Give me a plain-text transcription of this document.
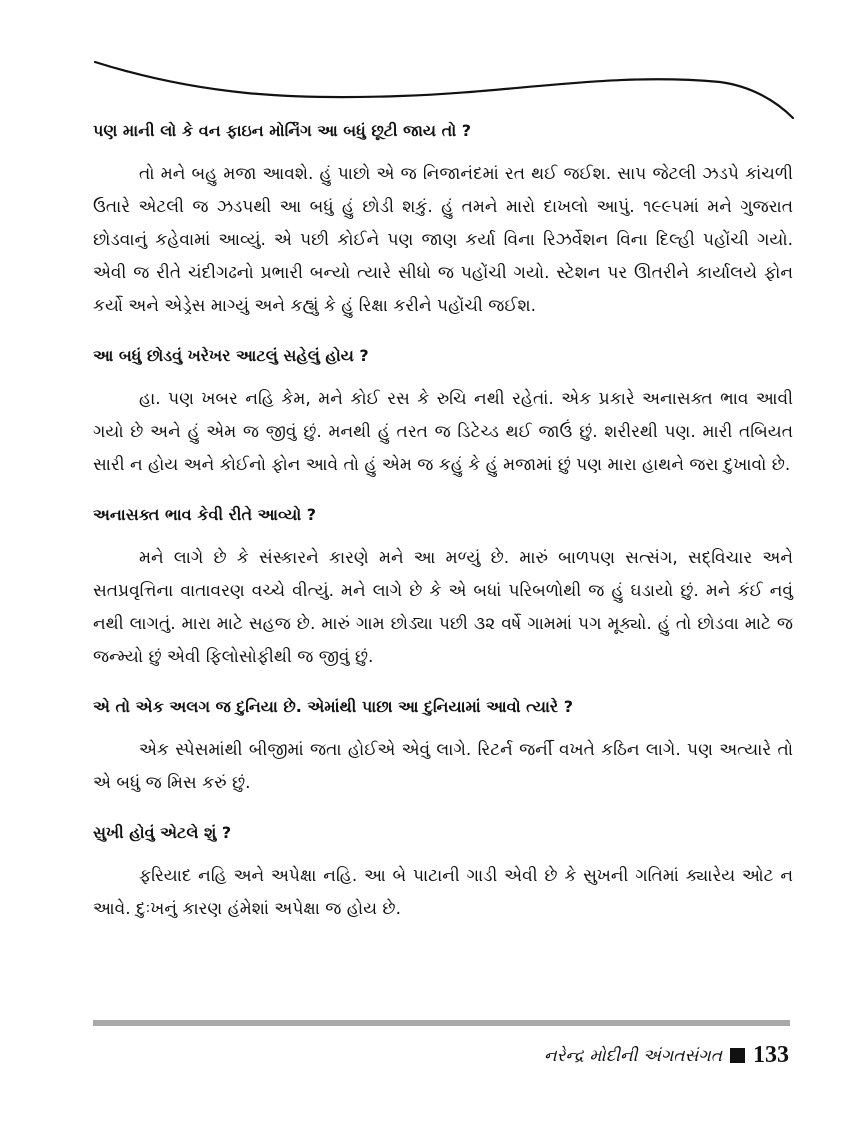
પણ માની લો કે વન ફાઇન મોર્નિંગ આ બધું છૂટી જાય તો ?

તો મને બહુ મજા આવશે. હું પાછો એ જ નિજાનંદમાં રત થઈ જઈશ. સાપ જેટલી ઝડપે કાંચળી ઉતારે એટલી જ ઝડપથી આ બધું હું છોડી શકું. હું તમને મારો દાખલો આપું. ૧૯૯૫માં મને ગુજરાત છોડવાનું કહેવામાં આવ્યું. એ પછી કોઈને પણ જાણ કર્યા વિના રિઝર્વેશન વિના દિલ્હી પહોંચી ગયો. એવી જ રીતે ચંદીગઢનો પ્રભારી બન્યો ત્યારે સીધો જ પહોંચી ગયો. સ્ટેશન પર ઊતરીને કાર્યાલયે ફોન કર્યો અને એડ્રેસ માગ્યું અને કહ્યું કે હું રિક્ષા કરીને પહોંચી જઈશ.

આ બધું છોડવું ખરેખર આટલું સહેલું હોય ?

હા. પણ ખબર નહિ કેમ, મને કોઈ રસ કે રુચિ નથી રહેતાં. એક પ્રકારે અનાસક્ત ભાવ આવી ગયો છે અને હું એમ જ જીવું છું. મનથી હું તરત જ ડિટેચ્ડ થઈ જાઉં છું. શરીરથી પણ. મારી તબિયત સારી ન હોય અને કોઈનો ફોન આવે તો હું એમ જ કહું કે હું મજામાં છું પણ મારા હાથને જરા દુખાવો છે.

અનાસક્ત ભાવ કેવી રીતે આવ્યો ?

મને લાગે છે કે સંસ્કારને કારણે મને આ મળ્યું છે. મારું બાળપણ સત્સંગ, સદ્‌વિચાર અને સતપ્રવૃત્તિના વાતાવરણ વચ્ચે વીત્યું. મને લાગે છે કે એ બધાં પરિબળોથી જ હું ઘડાયો છું. મને કંઈ નવું નથી લાગતું. મારા માટે સહજ છે. મારું ગામ છોડ્યા પછી ૩૨ વર્ષે ગામમાં પગ મૂક્યો. હું તો છોડવા માટે જ જન્મ્યો છું એવી ફિલોસોફીથી જ જીવું છું.

એ તો એક અલગ જ દુનિયા છે. એમાંથી પાછા આ દુનિયામાં આવો ત્યારે ?

એક સ્પેસમાંથી બીજીમાં જતા હોઈએ એવું લાગે. રિટર્ન જર્ની વખતે કઠિન લાગે. પણ અત્યારે તો એ બધું જ મિસ કરું છું.

સુખી હોવું એટલે શું ?

ફરિયાદ નહિ અને અપેક્ષા નહિ. આ બે પાટાની ગાડી એવી છે કે સુખની ગતિમાં ક્યારેય ઓટ ન આવે. દુઃખનું કારણ હંમેશાં અપેક્ષા જ હોય છે.

નરેન્દ્ર મોદીની અંગતસંગત 133
